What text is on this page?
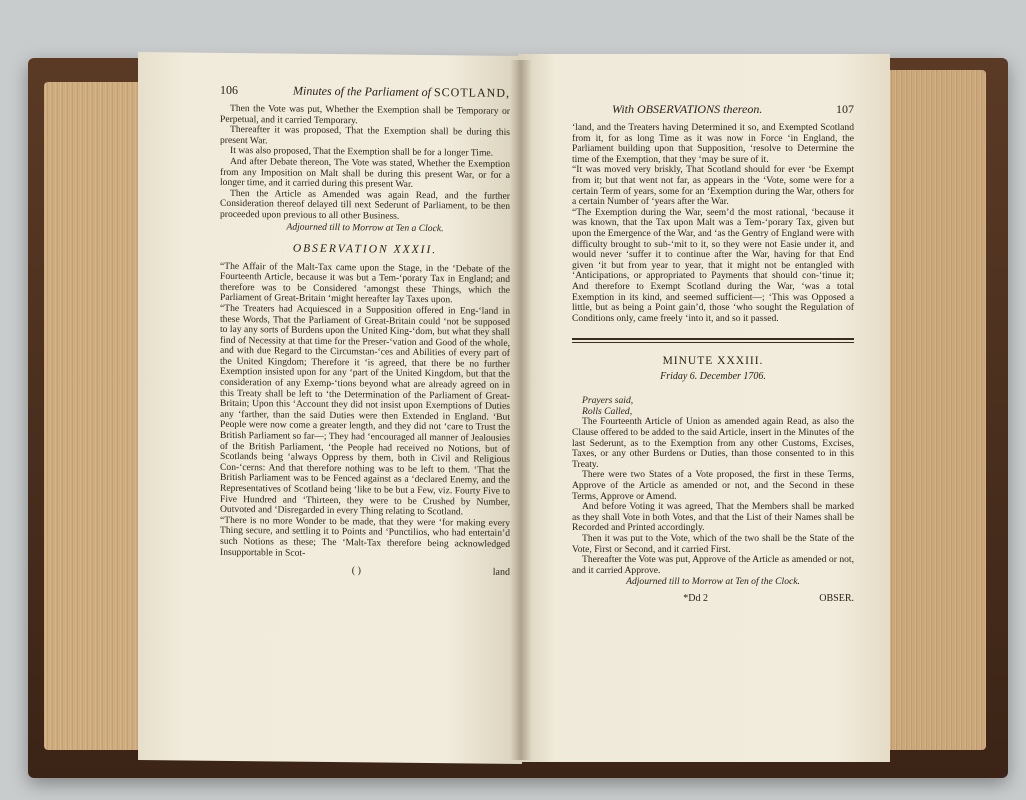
106	Minutes of the Parliament of SCOTLAND,

Then the Vote was put, Whether the Exemption shall be Temporary or Perpetual, and it carried Temporary.

Thereafter it was proposed, That the Exemption shall be during this present War.

It was also proposed, That the Exemption shall be for a longer Time.

And after Debate thereon, The Vote was stated, Whether the Exemption from any Imposition on Malt shall be during this present War, or for a longer time, and it carried during this present War.

Then the Article as Amended was again Read, and the further Consideration thereof delayed till next Sederunt of Parliament, to be then proceeded upon previous to all other Business.

Adjourned till to Morrow at Ten a Clock.

OBSERVATION XXXII.

“The Affair of the Malt-Tax came upon the Stage, in the ‘Debate of the Fourteenth Article, because it was but a Tem-‘porary Tax in England; and therefore was to be Considered ‘amongst these Things, which the Parliament of Great-Britain ‘might hereafter lay Taxes upon.

“The Treaters had Acquiesced in a Supposition offered in Eng-‘land in these Words, That the Parliament of Great-Britain could ‘not be supposed to lay any sorts of Burdens upon the United King-‘dom, but what they shall find of Necessity at that time for the Preser-‘vation and Good of the whole, and with due Regard to the Circumstan-‘ces and Abilities of every part of the United Kingdom; Therefore it ‘is agreed, that there be no further Exemption insisted upon for any ‘part of the United Kingdom, but that the consideration of any Exemp-‘tions beyond what are already agreed on in this Treaty shall be left to ‘the Determination of the Parliament of Great-Britain; Upon this ‘Account they did not insist upon Exemptions of Duties any ‘farther, than the said Duties were then Extended in England. ‘But People were now come a greater length, and they did not ‘care to Trust the British Parliament so far—; They had ‘encouraged all manner of Jealousies of the British Parliament, ‘the People had received no Notions, but of Scotlands being ‘always Oppress by them, both in Civil and Religious Con-‘cerns: And that therefore nothing was to be left to them. ‘That the British Parliament was to be Fenced against as a ‘declared Enemy, and the Representatives of Scotland being ‘like to be but a Few, viz. Fourty Five to Five Hundred and ‘Thirteen, they were to be Crushed by Number, Outvoted and ‘Disregarded in every Thing relating to Scotland.

“There is no more Wonder to be made, that they were ‘for making every Thing secure, and settling it to Points and ‘Punctilios, who had entertain’d such Notions as these; The ‘Malt-Tax therefore being acknowledged Insupportable in Scot-

( )	land
With OBSERVATIONS thereon.	107

‘land, and the Treaters having Determined it so, and Exempted Scotland from it, for as long Time as it was now in Force ‘in England, the Parliament building upon that Supposition, ‘resolve to Determine the time of the Exemption, that they ‘may be sure of it.

“It was moved very briskly, That Scotland should for ever ‘be Exempt from it; but that went not far, as appears in the ‘Vote, some were for a certain Term of years, some for an ‘Exemption during the War, others for a certain Number of ‘years after the War.

“The Exemption during the War, seem’d the most rational, ‘because it was known, that the Tax upon Malt was a Tem-‘porary Tax, given but upon the Emergence of the War, and ‘as the Gentry of England were with difficulty brought to sub-‘mit to it, so they were not Easie under it, and would never ‘suffer it to continue after the War, having for that End given ‘it but from year to year, that it might not be entangled with ‘Anticipations, or appropriated to Payments that should con-‘tinue it; And therefore to Exempt Scotland during the War, ‘was a total Exemption in its kind, and seemed sufficient—; ‘This was Opposed a little, but as being a Point gain’d, those ‘who sought the Regulation of Conditions only, came freely ‘into it, and so it passed.

MINUTE XXXIII.
Friday 6. December 1706.

Prayers said,

Rolls Called,

The Fourteenth Article of Union as amended again Read, as also the Clause offered to be added to the said Article, insert in the Minutes of the last Sederunt, as to the Exemption from any other Customs, Excises, Taxes, or any other Burdens or Duties, than those consented to in this Treaty.

There were two States of a Vote proposed, the first in these Terms, Approve of the Article as amended or not, and the Second in these Terms, Approve or Amend.

And before Voting it was agreed, That the Members shall be marked as they shall Vote in both Votes, and that the List of their Names shall be Recorded and Printed accordingly.

Then it was put to the Vote, which of the two shall be the State of the Vote, First or Second, and it carried First.

Thereafter the Vote was put, Approve of the Article as amended or not, and it carried Approve.

Adjourned till to Morrow at Ten of the Clock.

*Dd 2	OBSER.
